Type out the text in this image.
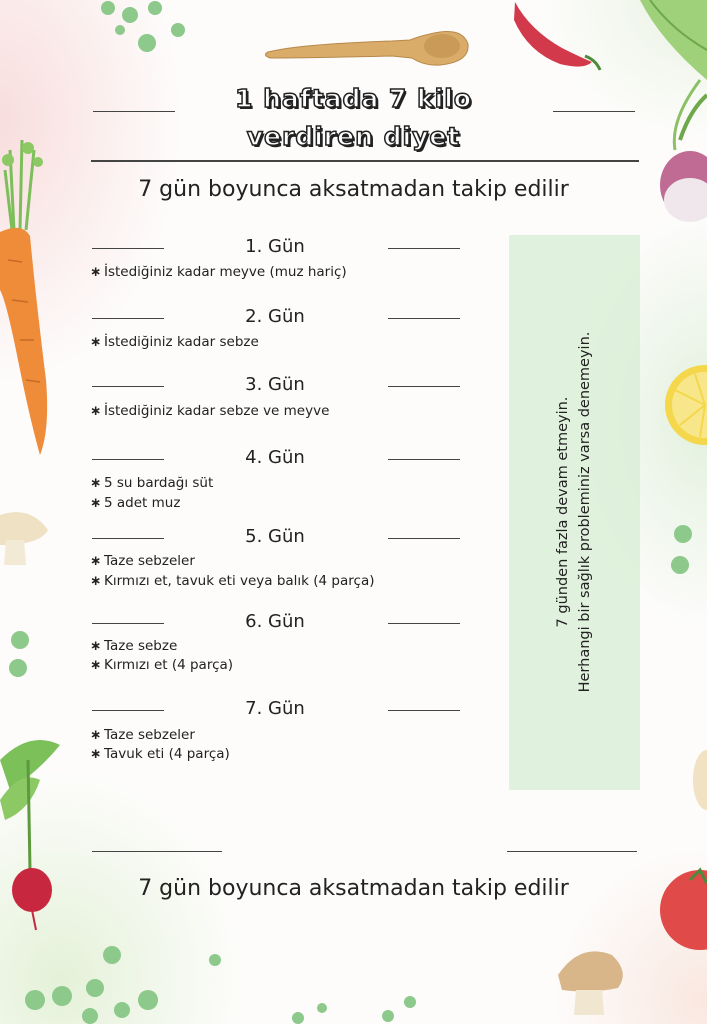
1 haftada 7 kilo
verdiren diyet
7 gün boyunca aksatmadan takip edilir
1. Gün
∗ İstediğiniz kadar meyve (muz hariç)
2. Gün
∗ İstediğiniz kadar sebze
3. Gün
∗ İstediğiniz kadar sebze ve meyve
4. Gün
∗ 5 su bardağı süt
∗ 5 adet muz
5. Gün
∗ Taze sebzeler
∗ Kırmızı et, tavuk eti veya balık (4 parça)
6. Gün
∗ Taze sebze
∗ Kırmızı et (4 parça)
7. Gün
∗ Taze sebzeler
∗ Tavuk eti (4 parça)
7 günden fazla devam etmeyin. Herhangi bir sağlık probleminiz varsa denemeyin.
7 gün boyunca aksatmadan takip edilir
